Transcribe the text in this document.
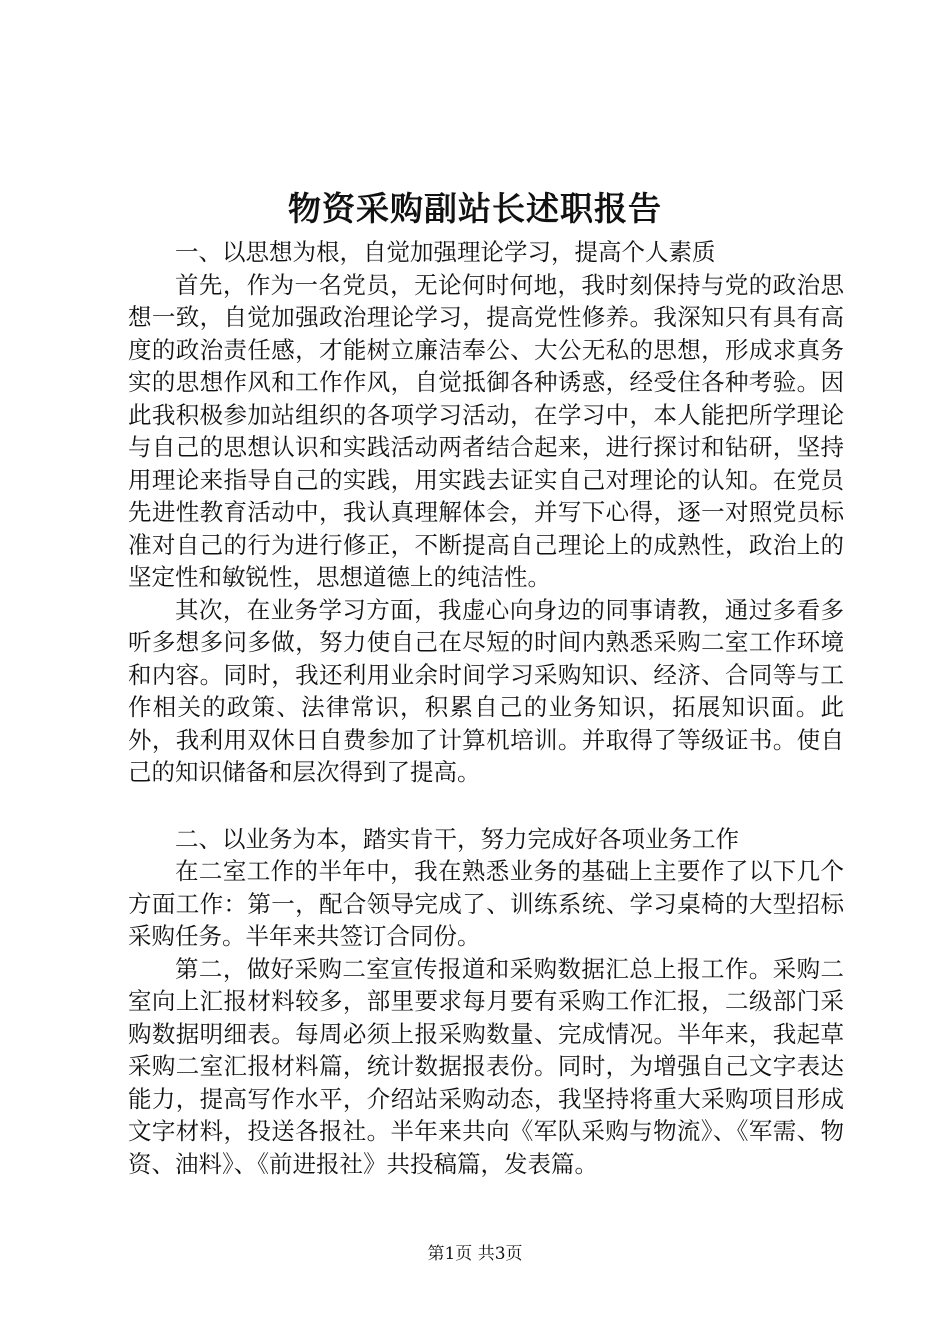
物资采购副站长述职报告

一、以思想为根，自觉加强理论学习，提高个人素质

首先，作为一名党员，无论何时何地，我时刻保持与党的政治思想一致，自觉加强政治理论学习，提高党性修养。我深知只有具有高度的政治责任感，才能树立廉洁奉公、大公无私的思想，形成求真务实的思想作风和工作作风，自觉抵御各种诱惑，经受住各种考验。因此我积极参加站组织的各项学习活动，在学习中，本人能把所学理论与自己的思想认识和实践活动两者结合起来，进行探讨和钻研，坚持用理论来指导自己的实践，用实践去证实自己对理论的认知。在党员先进性教育活动中，我认真理解体会，并写下心得，逐一对照党员标准对自己的行为进行修正，不断提高自己理论上的成熟性，政治上的坚定性和敏锐性，思想道德上的纯洁性。

其次，在业务学习方面，我虚心向身边的同事请教，通过多看多听多想多问多做，努力使自己在尽短的时间内熟悉采购二室工作环境和内容。同时，我还利用业余时间学习采购知识、经济、合同等与工作相关的政策、法律常识，积累自己的业务知识，拓展知识面。此外，我利用双休日自费参加了计算机培训。并取得了等级证书。使自己的知识储备和层次得到了提高。

二、以业务为本，踏实肯干，努力完成好各项业务工作

在二室工作的半年中，我在熟悉业务的基础上主要作了以下几个方面工作：第一，配合领导完成了、训练系统、学习桌椅的大型招标采购任务。半年来共签订合同份。

第二，做好采购二室宣传报道和采购数据汇总上报工作。采购二室向上汇报材料较多，部里要求每月要有采购工作汇报，二级部门采购数据明细表。每周必须上报采购数量、完成情况。半年来，我起草采购二室汇报材料篇，统计数据报表份。同时，为增强自己文字表达能力，提高写作水平，介绍站采购动态，我坚持将重大采购项目形成文字材料，投送各报社。半年来共向《军队采购与物流》、《军需、物资、油料》、《前进报社》共投稿篇，发表篇。

第1页 共3页
